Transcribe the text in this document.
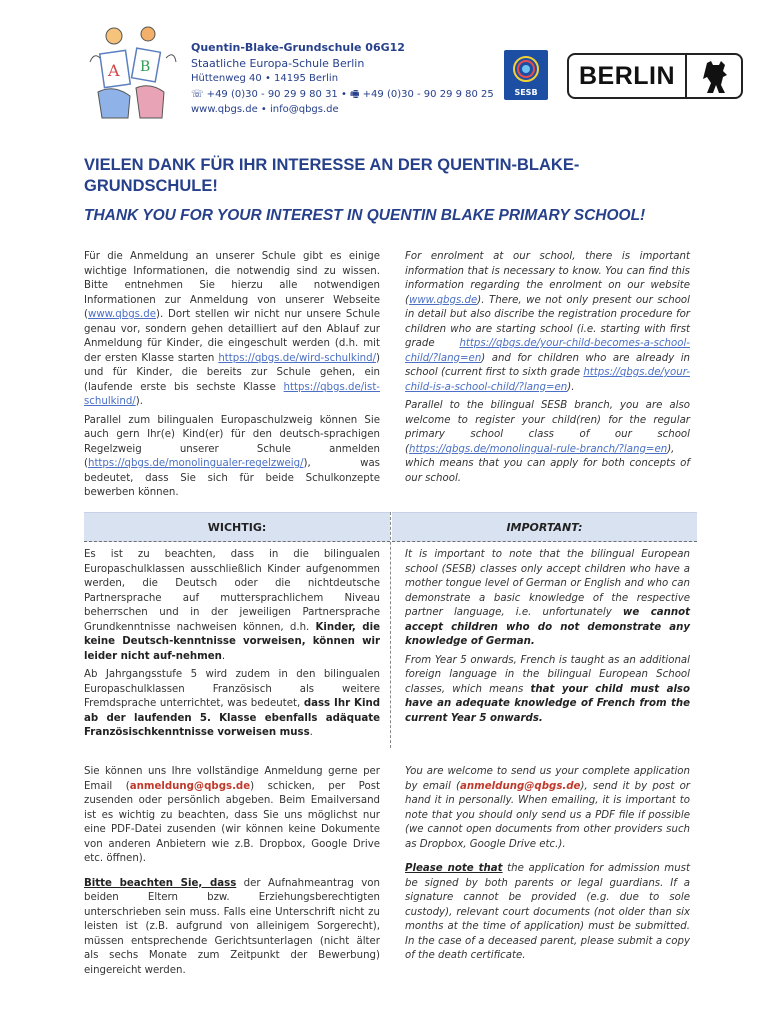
A B
Quentin-Blake-Grundschule 06G12
Staatliche Europa-Schule Berlin
Hüttenweg 40 • 14195 Berlin
☏ +49 (0)30 - 90 29 9 80 31 • 🖷 +49 (0)30 - 90 29 9 80 25
www.qbgs.de • info@qbgs.de
SESB
BERLIN
VIELEN DANK FÜR IHR INTERESSE AN DER QUENTIN-BLAKE-GRUNDSCHULE!
THANK YOU FOR YOUR INTEREST IN QUENTIN BLAKE PRIMARY SCHOOL!

Für die Anmeldung an unserer Schule gibt es einige wichtige Informationen, die notwendig sind zu wissen. Bitte entnehmen Sie hierzu alle notwendigen Informationen zur Anmeldung von unserer Webseite (www.qbgs.de). Dort stellen wir nicht nur unsere Schule genau vor, sondern gehen detailliert auf den Ablauf zur Anmeldung für Kinder, die eingeschult werden (d.h. mit der ersten Klasse starten https://qbgs.de/wird-schulkind/) und für Kinder, die bereits zur Schule gehen, ein (laufende erste bis sechste Klasse https://qbgs.de/ist-schulkind/).

Parallel zum bilingualen Europaschulzweig können Sie auch gern Ihr(e) Kind(er) für den deutsch-sprachigen Regelzweig unserer Schule anmelden (https://qbgs.de/monolingualer-regelzweig/), was bedeutet, dass Sie sich für beide Schulkonzepte bewerben können.

For enrolment at our school, there is important information that is necessary to know. You can find this information regarding the enrolment on our website (www.qbgs.de). There, we not only present our school in detail but also discribe the registration procedure for children who are starting school (i.e. starting with first grade https://qbgs.de/your-child-becomes-a-school-child/?lang=en) and for children who are already in school (current first to sixth grade https://qbgs.de/your-child-is-a-school-child/?lang=en).

Parallel to the bilingual SESB branch, you are also welcome to register your child(ren) for the regular primary school class of our school (https://qbgs.de/monolingual-rule-branch/?lang=en), which means that you can apply for both concepts of our school.

WICHTIG:	IMPORTANT:

Es ist zu beachten, dass in die bilingualen Europaschulklassen ausschließlich Kinder aufgenommen werden, die Deutsch oder die nichtdeutsche Partnersprache auf muttersprachlichem Niveau beherrschen und in der jeweiligen Partnersprache Grundkenntnisse nachweisen können, d.h. Kinder, die keine Deutsch-kenntnisse vorweisen, können wir leider nicht auf-nehmen.

Ab Jahrgangsstufe 5 wird zudem in den bilingualen Europaschulklassen Französisch als weitere Fremdsprache unterrichtet, was bedeutet, dass Ihr Kind ab der laufenden 5. Klasse ebenfalls adäquate Französischkenntnisse vorweisen muss.

It is important to note that the bilingual European school (SESB) classes only accept children who have a mother tongue level of German or English and who can demonstrate a basic knowledge of the respective partner language, i.e. unfortunately we cannot accept children who do not demonstrate any knowledge of German.

From Year 5 onwards, French is taught as an additional foreign language in the bilingual European School classes, which means that your child must also have an adequate knowledge of French from the current Year 5 onwards.

Sie können uns Ihre vollständige Anmeldung gerne per Email (anmeldung@qbgs.de) schicken, per Post zusenden oder persönlich abgeben. Beim Emailversand ist es wichtig zu beachten, dass Sie uns möglichst nur eine PDF-Datei zusenden (wir können keine Dokumente von anderen Anbietern wie z.B. Dropbox, Google Drive etc. öffnen).

Bitte beachten Sie, dass der Aufnahmeantrag von beiden Eltern bzw. Erziehungsberechtigten unterschrieben sein muss. Falls eine Unterschrift nicht zu leisten ist (z.B. aufgrund von alleinigem Sorgerecht), müssen entsprechende Gerichtsunterlagen (nicht älter als sechs Monate zum Zeitpunkt der Bewerbung) eingereicht werden.

You are welcome to send us your complete application by email (anmeldung@qbgs.de), send it by post or hand it in personally. When emailing, it is important to note that you should only send us a PDF file if possible (we cannot open documents from other providers such as Dropbox, Google Drive etc.).

Please note that the application for admission must be signed by both parents or legal guardians. If a signature cannot be provided (e.g. due to sole custody), relevant court documents (not older than six months at the time of application) must be submitted. In the case of a deceased parent, please submit a copy of the death certificate.
